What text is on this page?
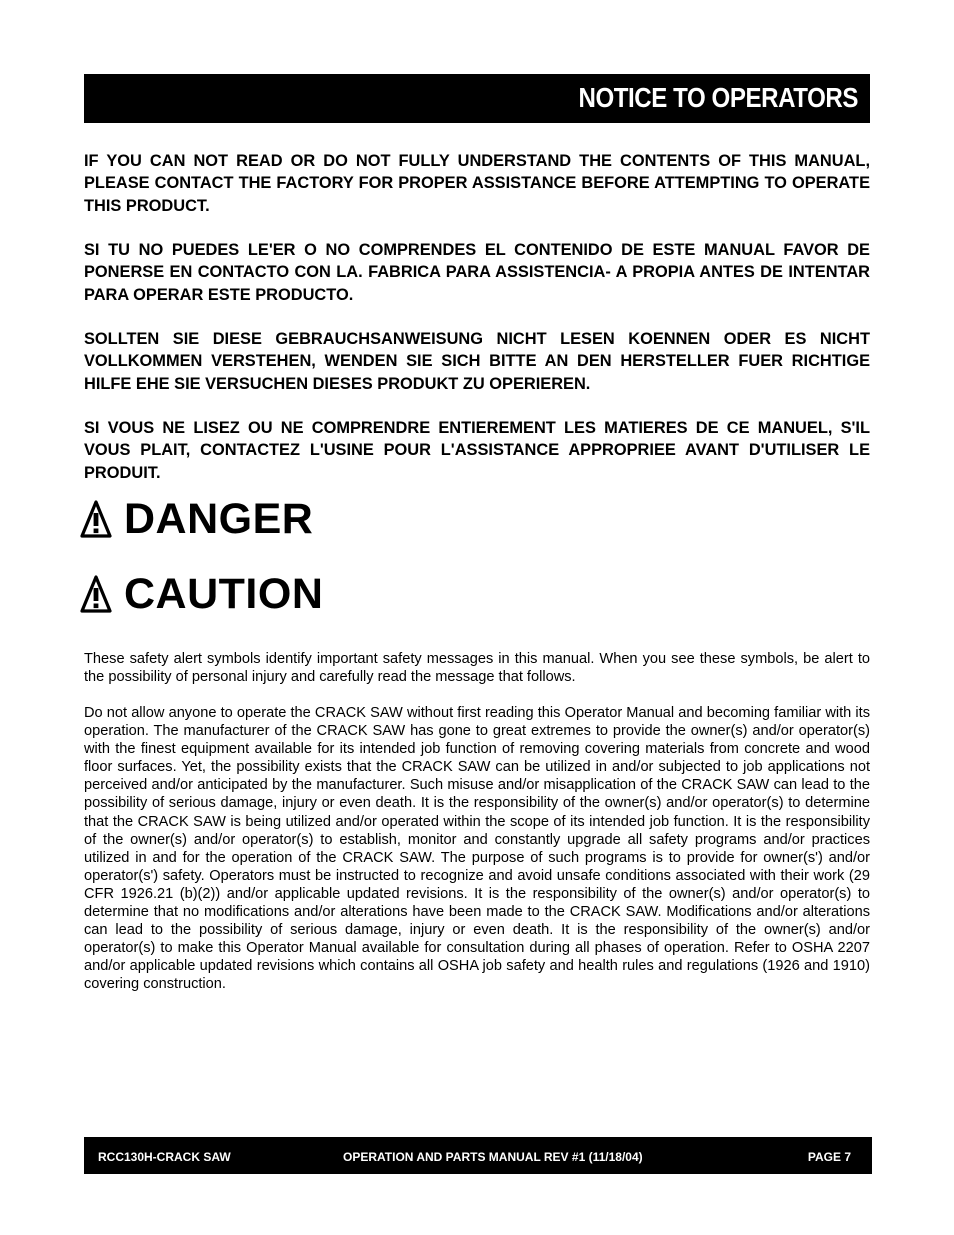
NOTICE TO OPERATORS

IF YOU CAN NOT READ OR DO NOT FULLY UNDERSTAND THE CONTENTS OF THIS MANUAL, PLEASE CONTACT THE FACTORY FOR PROPER ASSISTANCE BEFORE ATTEMPTING TO OPERATE THIS PRODUCT.

SI TU NO PUEDES LE'ER O NO COMPRENDES EL CONTENIDO DE ESTE MANUAL FAVOR DE PONERSE EN CONTACTO CON LA. FABRICA PARA ASSISTENCIA- A PROPIA ANTES DE INTENTAR PARA OPERAR ESTE PRODUCTO.

SOLLTEN SIE DIESE GEBRAUCHSANWEISUNG NICHT LESEN KOENNEN ODER ES NICHT VOLLKOMMEN VERSTEHEN, WENDEN SIE SICH BITTE AN DEN HERSTELLER FUER RICHTIGE HILFE EHE SIE VERSUCHEN DIESES PRODUKT ZU OPERIEREN.

SI VOUS NE LISEZ OU NE COMPRENDRE ENTIEREMENT LES MATIERES DE CE MANUEL, S'IL VOUS PLAIT, CONTACTEZ L'USINE POUR L'ASSISTANCE APPROPRIEE AVANT D'UTILISER LE PRODUIT.

DANGER
CAUTION

These safety alert symbols identify important safety messages in this manual. When you see these symbols, be alert to the possibility of personal injury and carefully read the message that follows.

Do not allow anyone to operate the CRACK SAW without first reading this Operator Manual and becoming familiar with its operation. The manufacturer of the CRACK SAW has gone to great extremes to provide the owner(s) and/or operator(s) with the finest equipment available for its intended job function of removing covering materials from concrete and wood floor surfaces. Yet, the possibility exists that the CRACK SAW can be utilized in and/or subjected to job applications not perceived and/or anticipated by the manufacturer. Such misuse and/or misapplication of the CRACK SAW can lead to the possibility of serious damage, injury or even death. It is the responsibility of the owner(s) and/or operator(s) to determine that the CRACK SAW is being utilized and/or operated within the scope of its intended job function. It is the responsibility of the owner(s) and/or operator(s) to establish, monitor and constantly upgrade all safety programs and/or practices utilized in and for the operation of the CRACK SAW. The purpose of such programs is to provide for owner(s') and/or operator(s') safety. Operators must be instructed to recognize and avoid unsafe conditions associated with their work (29 CFR 1926.21 (b)(2)) and/or applicable updated revisions. It is the responsibility of the owner(s) and/or operator(s) to determine that no modifications and/or alterations have been made to the CRACK SAW. Modifications and/or alterations can lead to the possibility of serious damage, injury or even death. It is the responsibility of the owner(s) and/or operator(s) to make this Operator Manual available for consultation during all phases of operation. Refer to OSHA 2207 and/or applicable updated revisions which contains all OSHA job safety and health rules and regulations (1926 and 1910) covering construction.

RCC130H-CRACK SAW	OPERATION AND PARTS MANUAL REV #1 (11/18/04)	PAGE 7
